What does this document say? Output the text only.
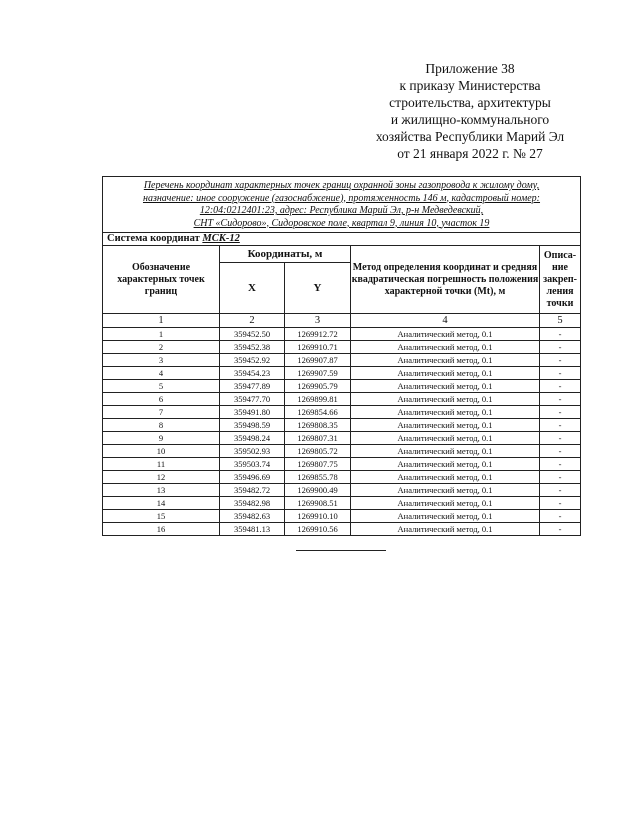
Приложение 38
к приказу Министерства
строительства, архитектуры
и жилищно-коммунального
хозяйства Республики Марий Эл
от 21 января 2022 г. № 27
Перечень координат характерных точек границ охранной зоны газопровода к жилому дому,
назначение: иное сооружение (газоснабжение), протяженность 146 м, кадастровый номер:
12:04:0212401:23, адрес: Республика Марий Эл, р-н Медведевский,
СНТ «Сидорово», Сидоровское поле, квартал 9, линия 10, участок 19				
Система координат МСК-12				
Обозначение характерных точек границ	Координаты, м		Метод определения координат и средняя квадратическая погрешность положения характерной точки (Mt), м	Описа-ние закреп-ления точки
	X	Y		
1	2	3	4	5
1	359452.50	1269912.72	Аналитический метод, 0.1	-
2	359452.38	1269910.71	Аналитический метод, 0.1	-
3	359452.92	1269907.87	Аналитический метод, 0.1	-
4	359454.23	1269907.59	Аналитический метод, 0.1	-
5	359477.89	1269905.79	Аналитический метод, 0.1	-
6	359477.70	1269899.81	Аналитический метод, 0.1	-
7	359491.80	1269854.66	Аналитический метод, 0.1	-
8	359498.59	1269808.35	Аналитический метод, 0.1	-
9	359498.24	1269807.31	Аналитический метод, 0.1	-
10	359502.93	1269805.72	Аналитический метод, 0.1	-
11	359503.74	1269807.75	Аналитический метод, 0.1	-
12	359496.69	1269855.78	Аналитический метод, 0.1	-
13	359482.72	1269900.49	Аналитический метод, 0.1	-
14	359482.98	1269908.51	Аналитический метод, 0.1	-
15	359482.63	1269910.10	Аналитический метод, 0.1	-
16	359481.13	1269910.56	Аналитический метод, 0.1	-
